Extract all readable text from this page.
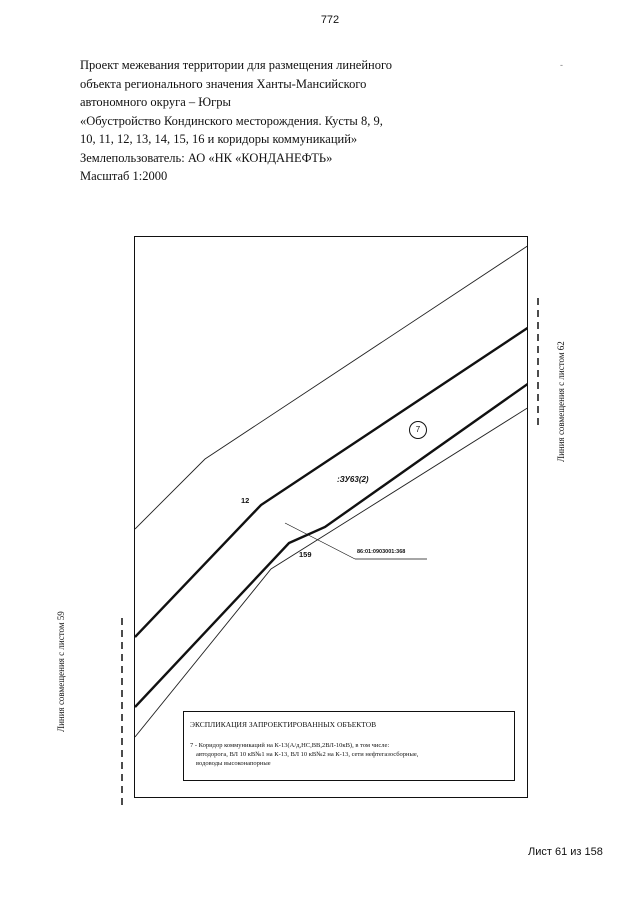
772
Проект межевания территории для размещения линейного
объекта регионального значения Ханты-Мансийского
автономного округа – Югры
«Обустройство Кондинского месторождения. Кусты 8, 9,
10, 11, 12, 13, 14, 15, 16 и коридоры коммуникаций»
Землепользователь: АО «НК «КОНДАНЕФТЬ»
Масштаб 1:2000
-
12
159
:ЗУ63(2)
7
86:01:0903001:368
ЭКСПЛИКАЦИЯ ЗАПРОЕКТИРОВАННЫХ ОБЪЕКТОВ
7 - Коридор коммуникаций на К-13(А/д,НС,ВВ,2ВЛ-10кВ), в том числе:
автодорога, ВЛ 10 кВ№1 на К-13, ВЛ 10 кВ№2 на К-13, сети нефтегазосборные,
водоводы высоконапорные
Линия совмещения с листом 59
Линия совмещения с листом 62
Лист 61 из 158
